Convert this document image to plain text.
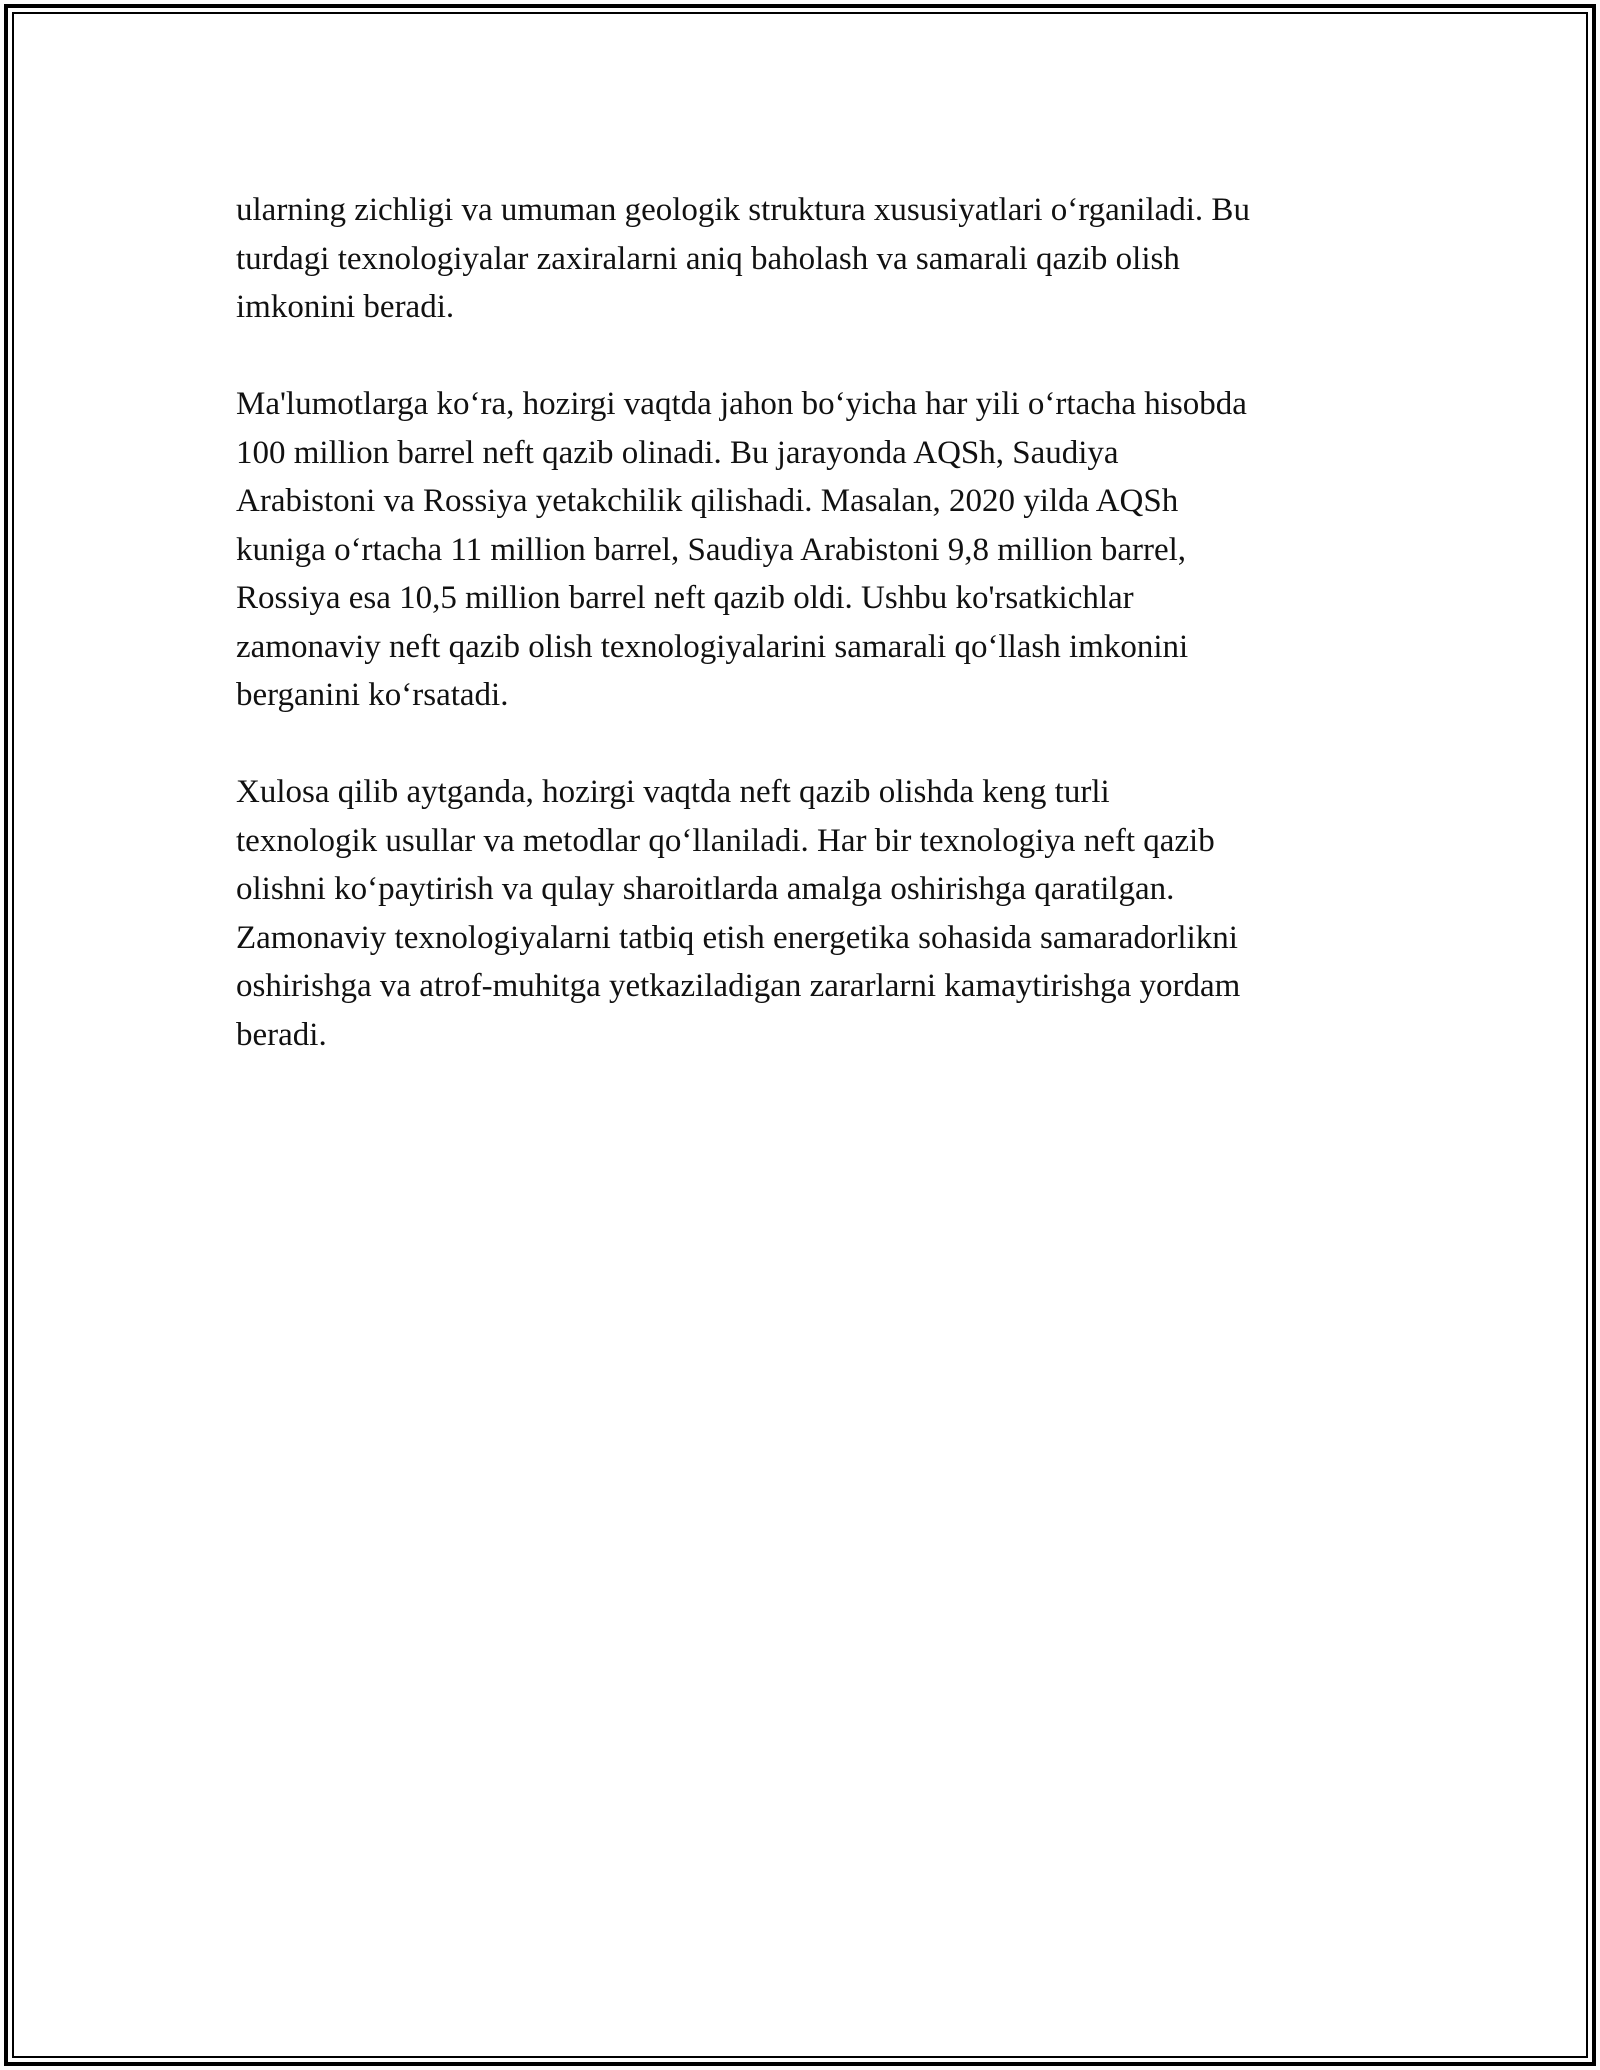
ularning zichligi va umuman geologik struktura xususiyatlari o‘rganiladi. Bu
turdagi texnologiyalar zaxiralarni aniq baholash va samarali qazib olish
imkonini beradi.

Ma'lumotlarga ko‘ra, hozirgi vaqtda jahon bo‘yicha har yili o‘rtacha hisobda
100 million barrel neft qazib olinadi. Bu jarayonda AQSh, Saudiya
Arabistoni va Rossiya yetakchilik qilishadi. Masalan, 2020 yilda AQSh
kuniga o‘rtacha 11 million barrel, Saudiya Arabistoni 9,8 million barrel,
Rossiya esa 10,5 million barrel neft qazib oldi. Ushbu ko'rsatkichlar
zamonaviy neft qazib olish texnologiyalarini samarali qo‘llash imkonini
berganini ko‘rsatadi.

Xulosa qilib aytganda, hozirgi vaqtda neft qazib olishda keng turli
texnologik usullar va metodlar qo‘llaniladi. Har bir texnologiya neft qazib
olishni ko‘paytirish va qulay sharoitlarda amalga oshirishga qaratilgan.
Zamonaviy texnologiyalarni tatbiq etish energetika sohasida samaradorlikni
oshirishga va atrof-muhitga yetkaziladigan zararlarni kamaytirishga yordam
beradi.
